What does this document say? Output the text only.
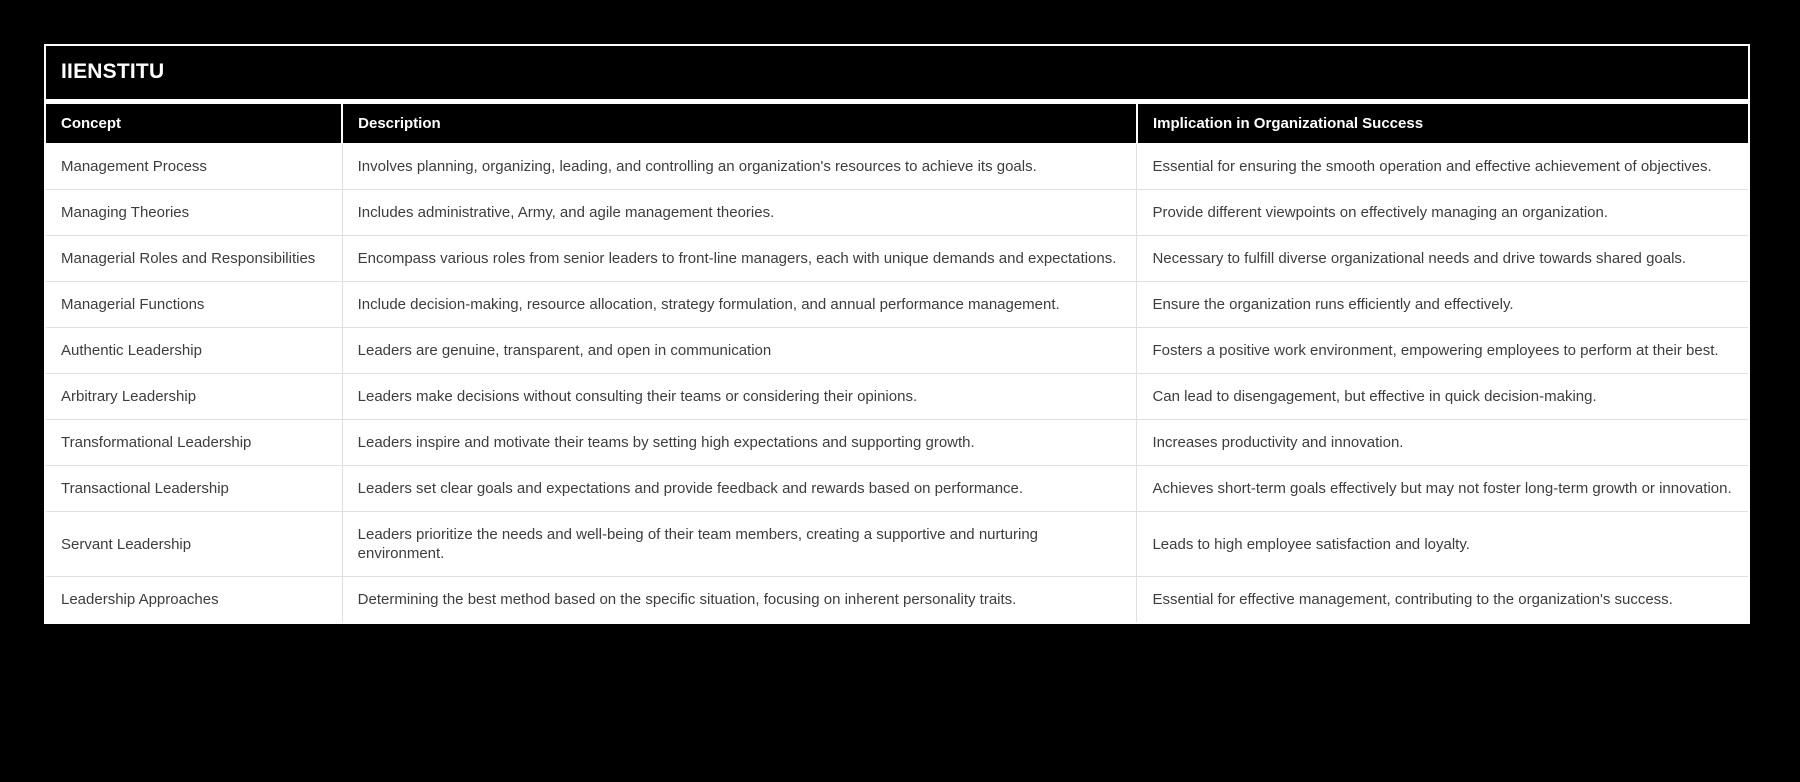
IIENSTITU
Concept	Description	Implication in Organizational Success
Management Process	Involves planning, organizing, leading, and controlling an organization's resources to achieve its goals.	Essential for ensuring the smooth operation and effective achievement of objectives.
Managing Theories	Includes administrative, Army, and agile management theories.	Provide different viewpoints on effectively managing an organization.
Managerial Roles and Responsibilities	Encompass various roles from senior leaders to front-line managers, each with unique demands and expectations.	Necessary to fulfill diverse organizational needs and drive towards shared goals.
Managerial Functions	Include decision-making, resource allocation, strategy formulation, and annual performance management.	Ensure the organization runs efficiently and effectively.
Authentic Leadership	Leaders are genuine, transparent, and open in communication	Fosters a positive work environment, empowering employees to perform at their best.
Arbitrary Leadership	Leaders make decisions without consulting their teams or considering their opinions.	Can lead to disengagement, but effective in quick decision-making.
Transformational Leadership	Leaders inspire and motivate their teams by setting high expectations and supporting growth.	Increases productivity and innovation.
Transactional Leadership	Leaders set clear goals and expectations and provide feedback and rewards based on performance.	Achieves short-term goals effectively but may not foster long-term growth or innovation.
Servant Leadership	Leaders prioritize the needs and well-being of their team members, creating a supportive and nurturing environment.	Leads to high employee satisfaction and loyalty.
Leadership Approaches	Determining the best method based on the specific situation, focusing on inherent personality traits.	Essential for effective management, contributing to the organization's success.
